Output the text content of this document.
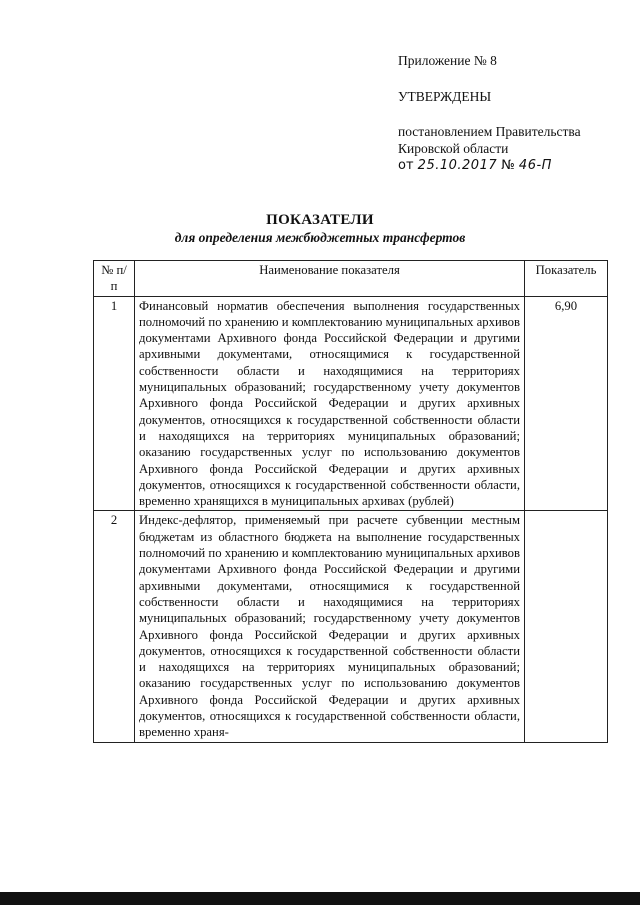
Приложение № 8
УТВЕРЖДЕНЫ
постановлением Правительства
Кировской области
от 25.10.2017 № 46-П
ПОКАЗАТЕЛИ
для определения межбюджетных трансфертов
№ п/п	Наименование показателя	Показатель
1	Финансовый норматив обеспечения выполнения государственных полномочий по хранению и комплектованию муниципальных архивов документами Архивного фонда Российской Федерации и другими архивными документами, относящимися к государственной собственности области и находящимися на территориях муниципальных образований; государственному учету документов Архивного фонда Российской Федерации и других архивных документов, относящихся к государственной собственности области и находящихся на территориях муниципальных образований; оказанию государственных услуг по использованию документов Архивного фонда Российской Федерации и других архивных документов, относящихся к государственной собственности области, временно хранящихся в муниципальных архивах (рублей)	6,90
2	Индекс-дефлятор, применяемый при расчете субвенции местным бюджетам из областного бюджета на выполнение государственных полномочий по хранению и комплектованию муниципальных архивов документами Архивного фонда Российской Федерации и другими архивными документами, относящимися к государственной собственности области и находящимися на территориях муниципальных образований; государственному учету документов Архивного фонда Российской Федерации и других архивных документов, относящихся к государственной собственности области и находящихся на территориях муниципальных образований; оказанию государственных услуг по использованию документов Архивного фонда Российской Федерации и других архивных документов, относящихся к государственной собственности области, временно храня-	
